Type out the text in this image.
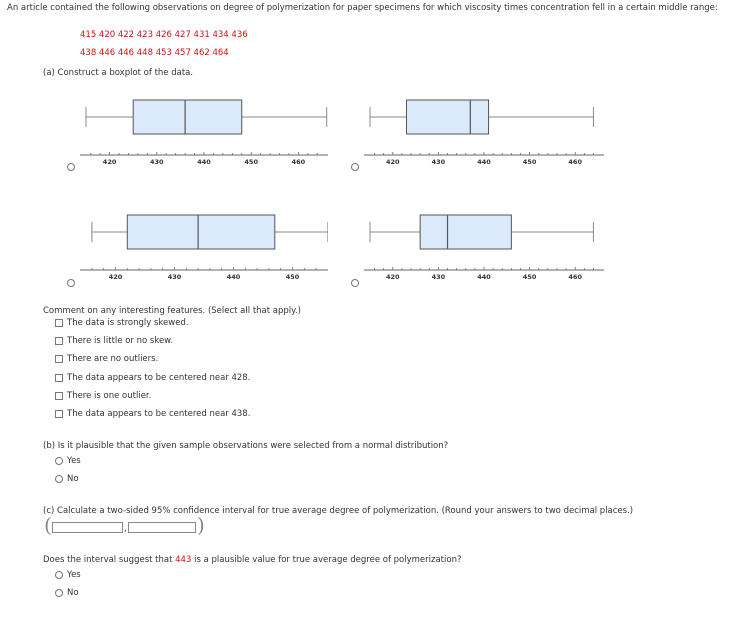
An article contained the following observations on degree of polymerization for paper specimens for which viscosity times concentration fell in a certain middle range:
415 420 422 423 426 427 431 434 436
438 446 446 448 453 457 462 464
(a) Construct a boxplot of the data.
420	430	440	450	460	420	430	440	450	460
420	430	440	450	420	430	440	450	460
Comment on any interesting features. (Select all that apply.)
The data is strongly skewed.
There is little or no skew.
There are no outliers.
The data appears to be centered near 428.
There is one outlier.
The data appears to be centered near 438.
(b) Is it plausible that the given sample observations were selected from a normal distribution?
Yes
No
(c) Calculate a two-sided 95% confidence interval for true average degree of polymerization. (Round your answers to two decimal places.)
(	,	)
Does the interval suggest that 443 is a plausible value for true average degree of polymerization?
Yes
No
